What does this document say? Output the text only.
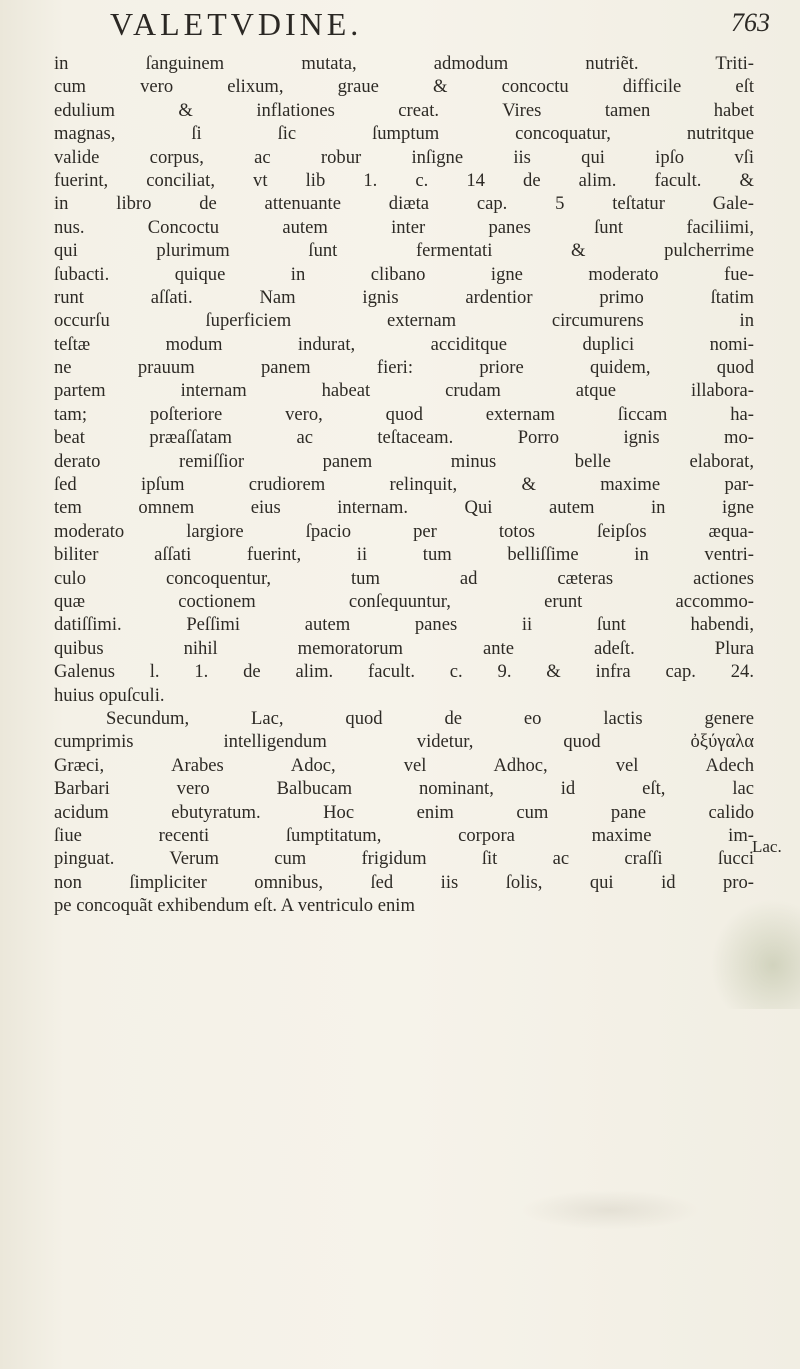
VALETVDINE.	763
in ſanguinem mutata, admodum nutriẽt. Triti-
cum vero elixum, graue & concoctu difficile eſt
edulium & inflationes creat. Vires tamen habet
magnas, ſi ſic ſumptum concoquatur, nutritque
valide corpus, ac robur inſigne iis qui ipſo vſi
fuerint, conciliat, vt lib 1. c. 14 de alim. facult. &
in libro de attenuante diæta cap. 5 teſtatur Gale-
nus. Concoctu autem inter panes ſunt faciliimi,
qui plurimum ſunt fermentati & pulcherrime
ſubacti. quique in clibano igne moderato fue-
runt aſſati. Nam ignis ardentior primo ſtatim
occurſu ſuperficiem externam circumurens in
teſtæ modum indurat, acciditque duplici nomi-
ne prauum panem fieri: priore quidem, quod
partem internam habeat crudam atque illabora-
tam; poſteriore vero, quod externam ſiccam ha-
beat præaſſatam ac teſtaceam. Porro ignis mo-
derato remiſſior panem minus belle elaborat,
ſed ipſum crudiorem relinquit, & maxime par-
tem omnem eius internam. Qui autem in igne
moderato largiore ſpacio per totos ſeipſos æqua-
biliter aſſati fuerint, ii tum belliſſime in ventri-
culo concoquentur, tum ad cæteras actiones
quæ coctionem conſequuntur, erunt accommo-
datiſſimi. Peſſimi autem panes ii ſunt habendi,
quibus nihil memoratorum ante adeſt. Plura
Galenus l. 1. de alim. facult. c. 9. & infra cap. 24.
huius opuſculi.
Secundum, Lac, quod de eo lactis genere
cumprimis intelligendum videtur, quod ὀξύγαλα
Græci, Arabes Adoc, vel Adhoc, vel Adech
Barbari vero Balbucam nominant, id eſt, lac
acidum ebutyratum. Hoc enim cum pane calido
ſiue recenti ſumptitatum, corpora maxime im-
pinguat. Verum cum frigidum ſit ac craſſi ſucci
non ſimpliciter omnibus, ſed iis ſolis, qui id pro-
pe concoquãt exhibendum eſt. A ventriculo enim
Lac.
